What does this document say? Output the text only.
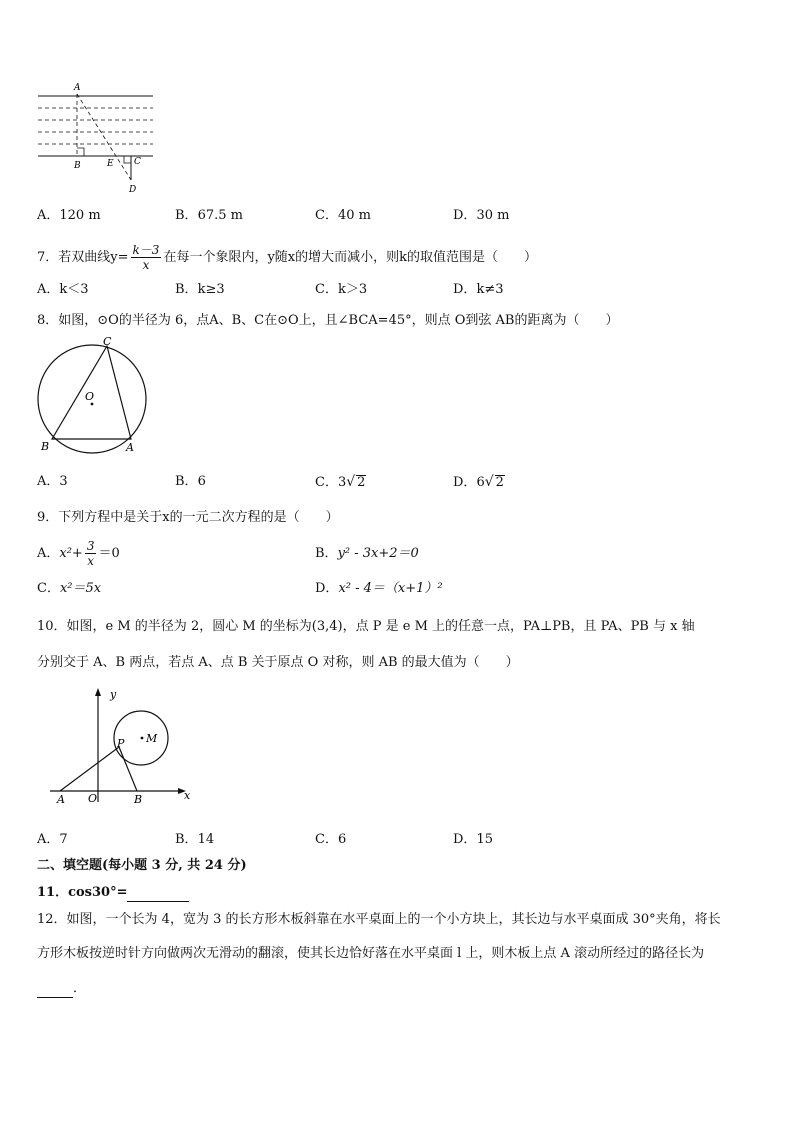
A
B	E C
D
A．120 m	B．67.5 m	C．40 m	D．30 m
7．若双曲线$y= \frac{k-3}{x}$ 在每一个象限内，y随x的增大而减小，则k的取值范围是（　　）
A．k＜3	B．k≥3	C．k＞3	D．k≠3
8．如图，⊙O的半径为 6，点A、B、C在⊙O上，且∠BCA=45°，则点 O到弦 AB的距离为（　　）
C
O
B	A
A．3	B．6	C．3√ 2	D．6√ 2
9．下列方程中是关于x的一元二次方程的是（　　）
A．$x^2+ \frac{3}{x} =0$	B．y² - 3x+2＝0
C．x²＝5x	D．x² - 4＝（x+1）²
10．如图，e M 的半径为 2，圆心 M 的坐标为(3,4)，点 P 是 e M 上的任意一点，PA⊥PB，且 PA、PB 与 x 轴
分别交于 A、B 两点，若点 A、点 B 关于原点 O 对称，则 AB 的最大值为（　　）
y
x
P M
A O	B
A．7	B．14	C．6	D．15
二、填空题(每小题 3 分, 共 24 分)
11．cos30°=
12．如图，一个长为 4，宽为 3 的长方形木板斜靠在水平桌面上的一个小方块上，其长边与水平桌面成 30°夹角，将长
方形木板按逆时针方向做两次无滑动的翻滚，使其长边恰好落在水平桌面 l 上，则木板上点 A 滚动所经过的路径长为
．
